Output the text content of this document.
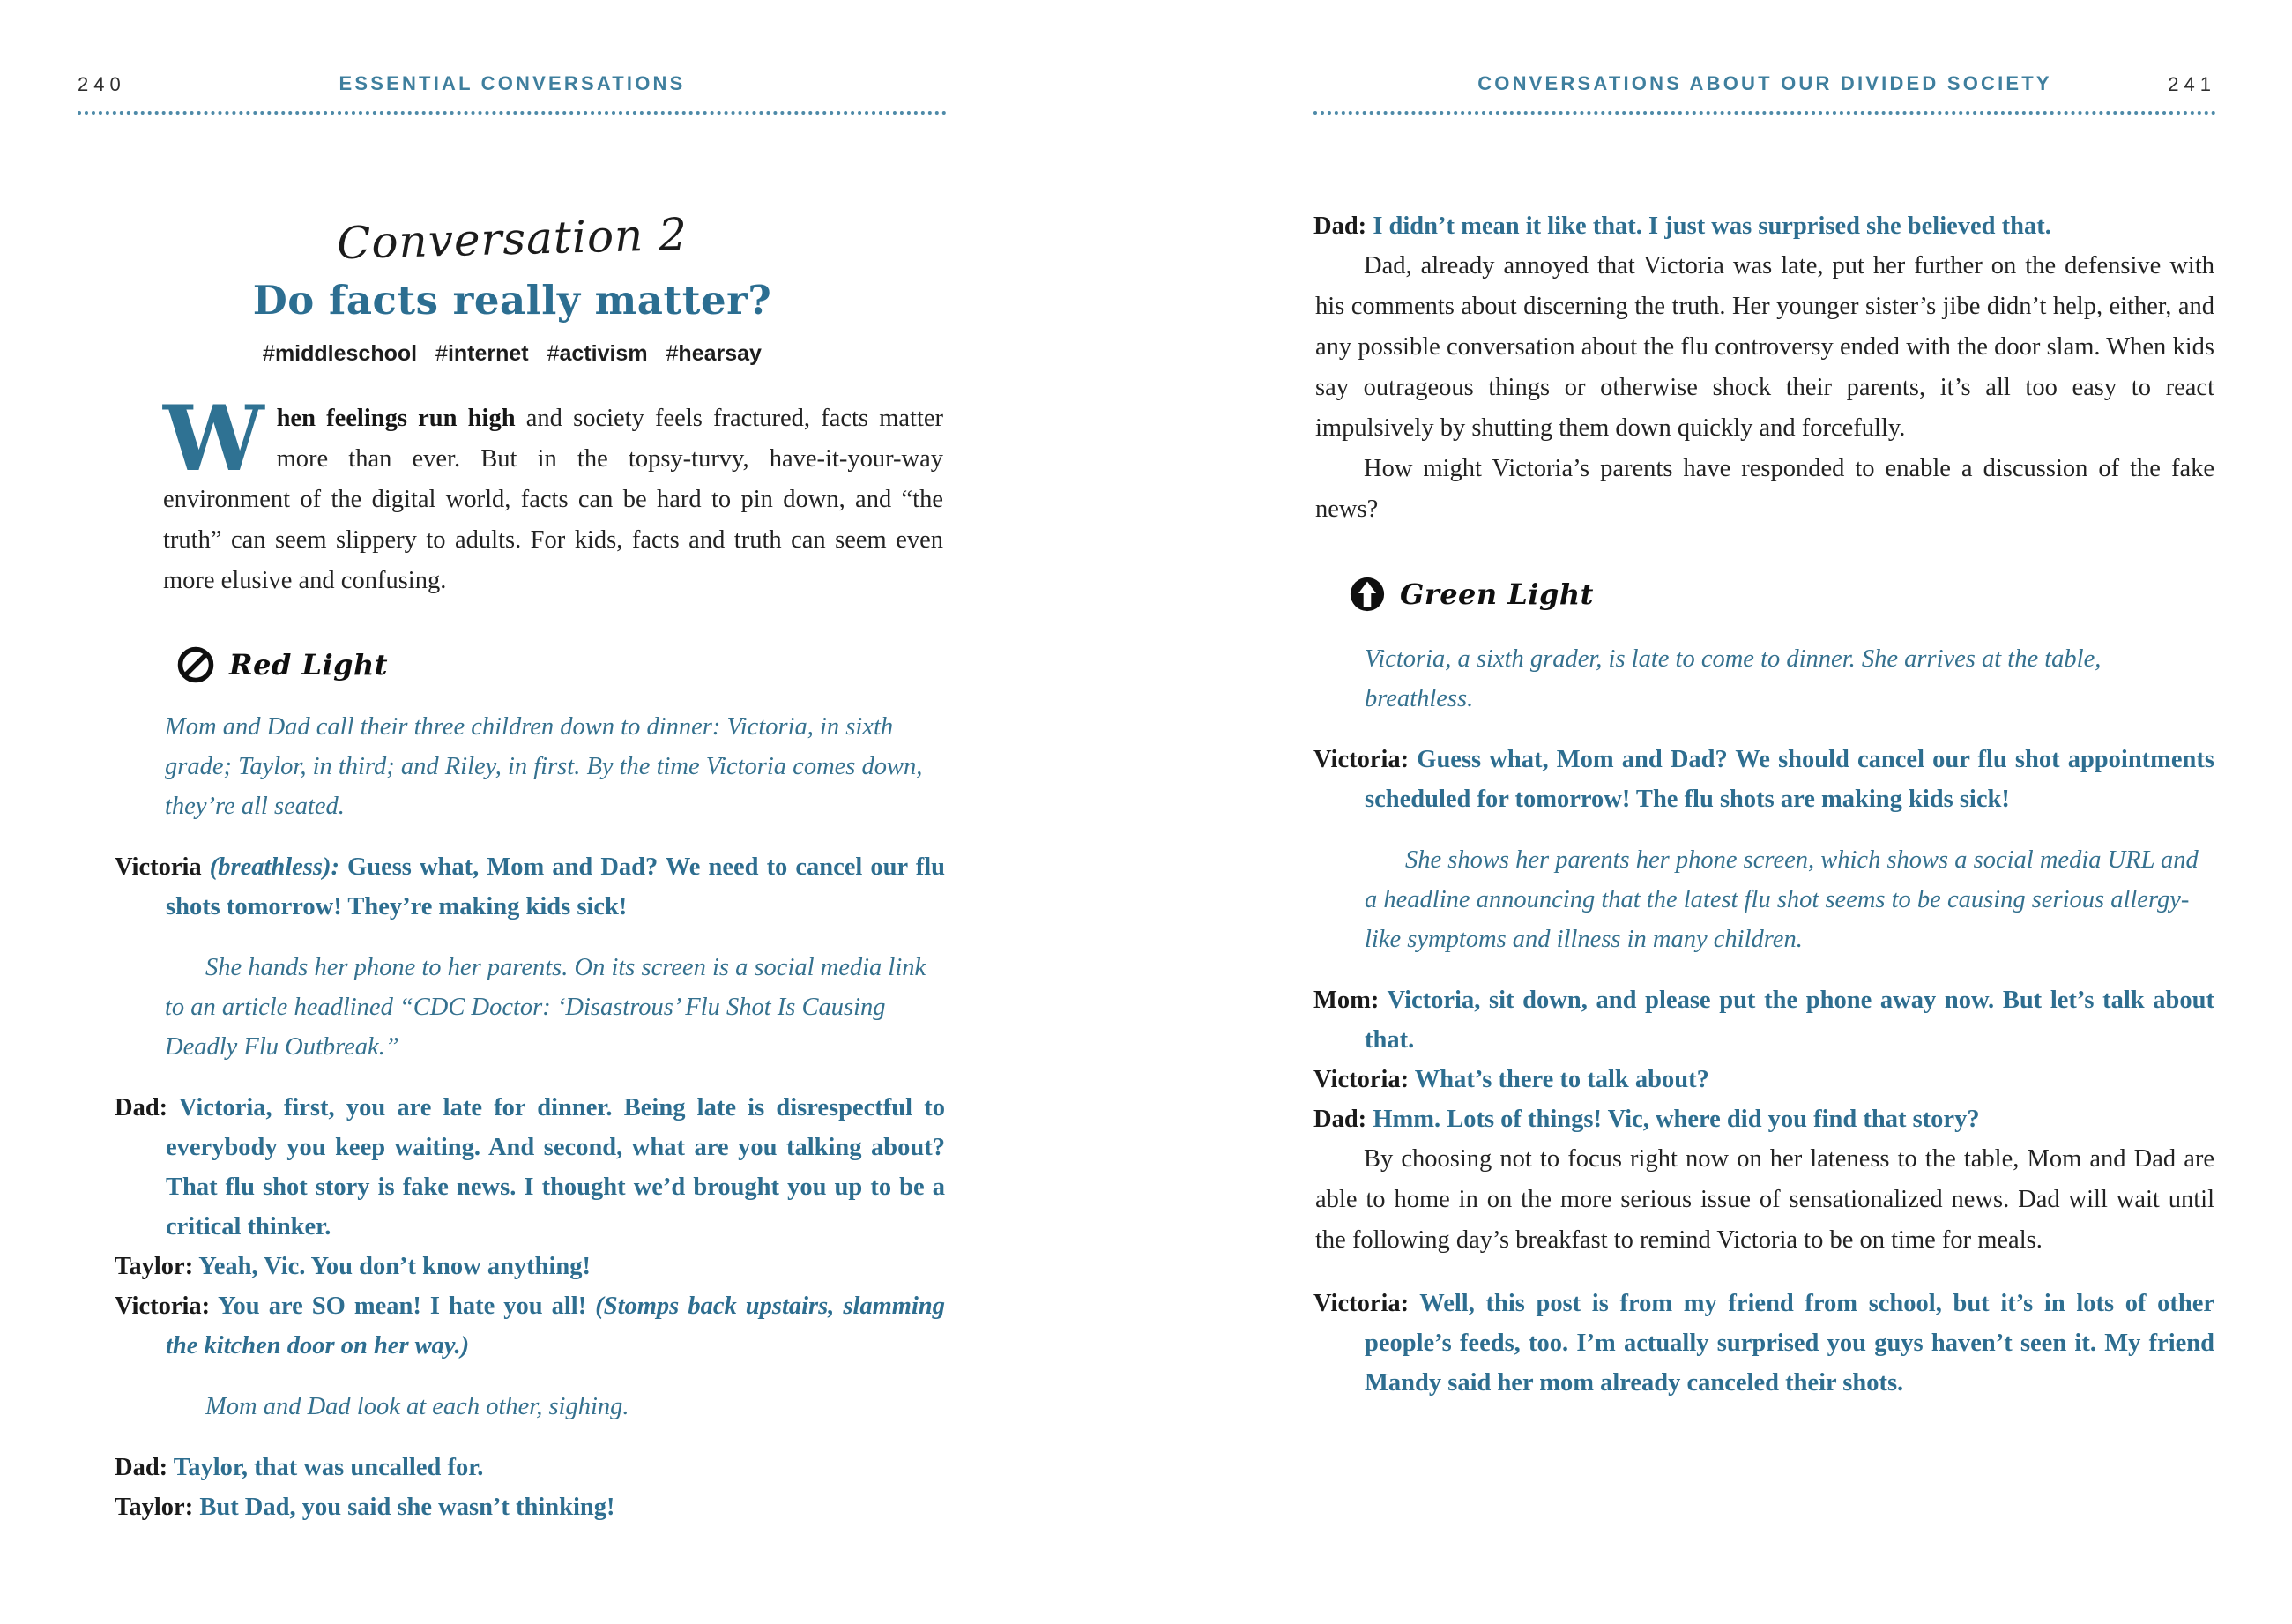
240	ESSENTIAL CONVERSATIONS
Conversation 2
Do facts really matter?
#middleschool #internet #activism #hearsay

When feelings run high and society feels fractured, facts matter more than ever. But in the topsy-turvy, have-it-your-way environment of the digital world, facts can be hard to pin down, and “the truth” can seem slippery to adults. For kids, facts and truth can seem even more elusive and confusing.

Red Light

Mom and Dad call their three children down to dinner: Victoria, in sixth grade; Taylor, in third; and Riley, in first. By the time Victoria comes down, they’re all seated.

Victoria (breathless): Guess what, Mom and Dad? We need to cancel our flu shots tomorrow! They’re making kids sick!

She hands her phone to her parents. On its screen is a social media link to an article headlined “CDC Doctor: ‘Disastrous’ Flu Shot Is Causing Deadly Flu Outbreak.”

Dad: Victoria, first, you are late for dinner. Being late is disrespectful to everybody you keep waiting. And second, what are you talking about? That flu shot story is fake news. I thought we’d brought you up to be a critical thinker.

Taylor: Yeah, Vic. You don’t know anything!

Victoria: You are SO mean! I hate you all! (Stomps back upstairs, slamming the kitchen door on her way.)

Mom and Dad look at each other, sighing.

Dad: Taylor, that was uncalled for.

Taylor: But Dad, you said she wasn’t thinking!

CONVERSATIONS ABOUT OUR DIVIDED SOCIETY	241

Dad: I didn’t mean it like that. I just was surprised she believed that.

Dad, already annoyed that Victoria was late, put her further on the defensive with his comments about discerning the truth. Her younger sister’s jibe didn’t help, either, and any possible conversation about the flu controversy ended with the door slam. When kids say outrageous things or otherwise shock their parents, it’s all too easy to react impulsively by shutting them down quickly and forcefully.

How might Victoria’s parents have responded to enable a discussion of the fake news?

Green Light

Victoria, a sixth grader, is late to come to dinner. She arrives at the table, breathless.

Victoria: Guess what, Mom and Dad? We should cancel our flu shot appointments scheduled for tomorrow! The flu shots are making kids sick!

She shows her parents her phone screen, which shows a social media URL and a headline announcing that the latest flu shot seems to be causing serious allergy-like symptoms and illness in many children.

Mom: Victoria, sit down, and please put the phone away now. But let’s talk about that.

Victoria: What’s there to talk about?

Dad: Hmm. Lots of things! Vic, where did you find that story?

By choosing not to focus right now on her lateness to the table, Mom and Dad are able to home in on the more serious issue of sensationalized news. Dad will wait until the following day’s breakfast to remind Victoria to be on time for meals.

Victoria: Well, this post is from my friend from school, but it’s in lots of other people’s feeds, too. I’m actually surprised you guys haven’t seen it. My friend Mandy said her mom already canceled their shots.
